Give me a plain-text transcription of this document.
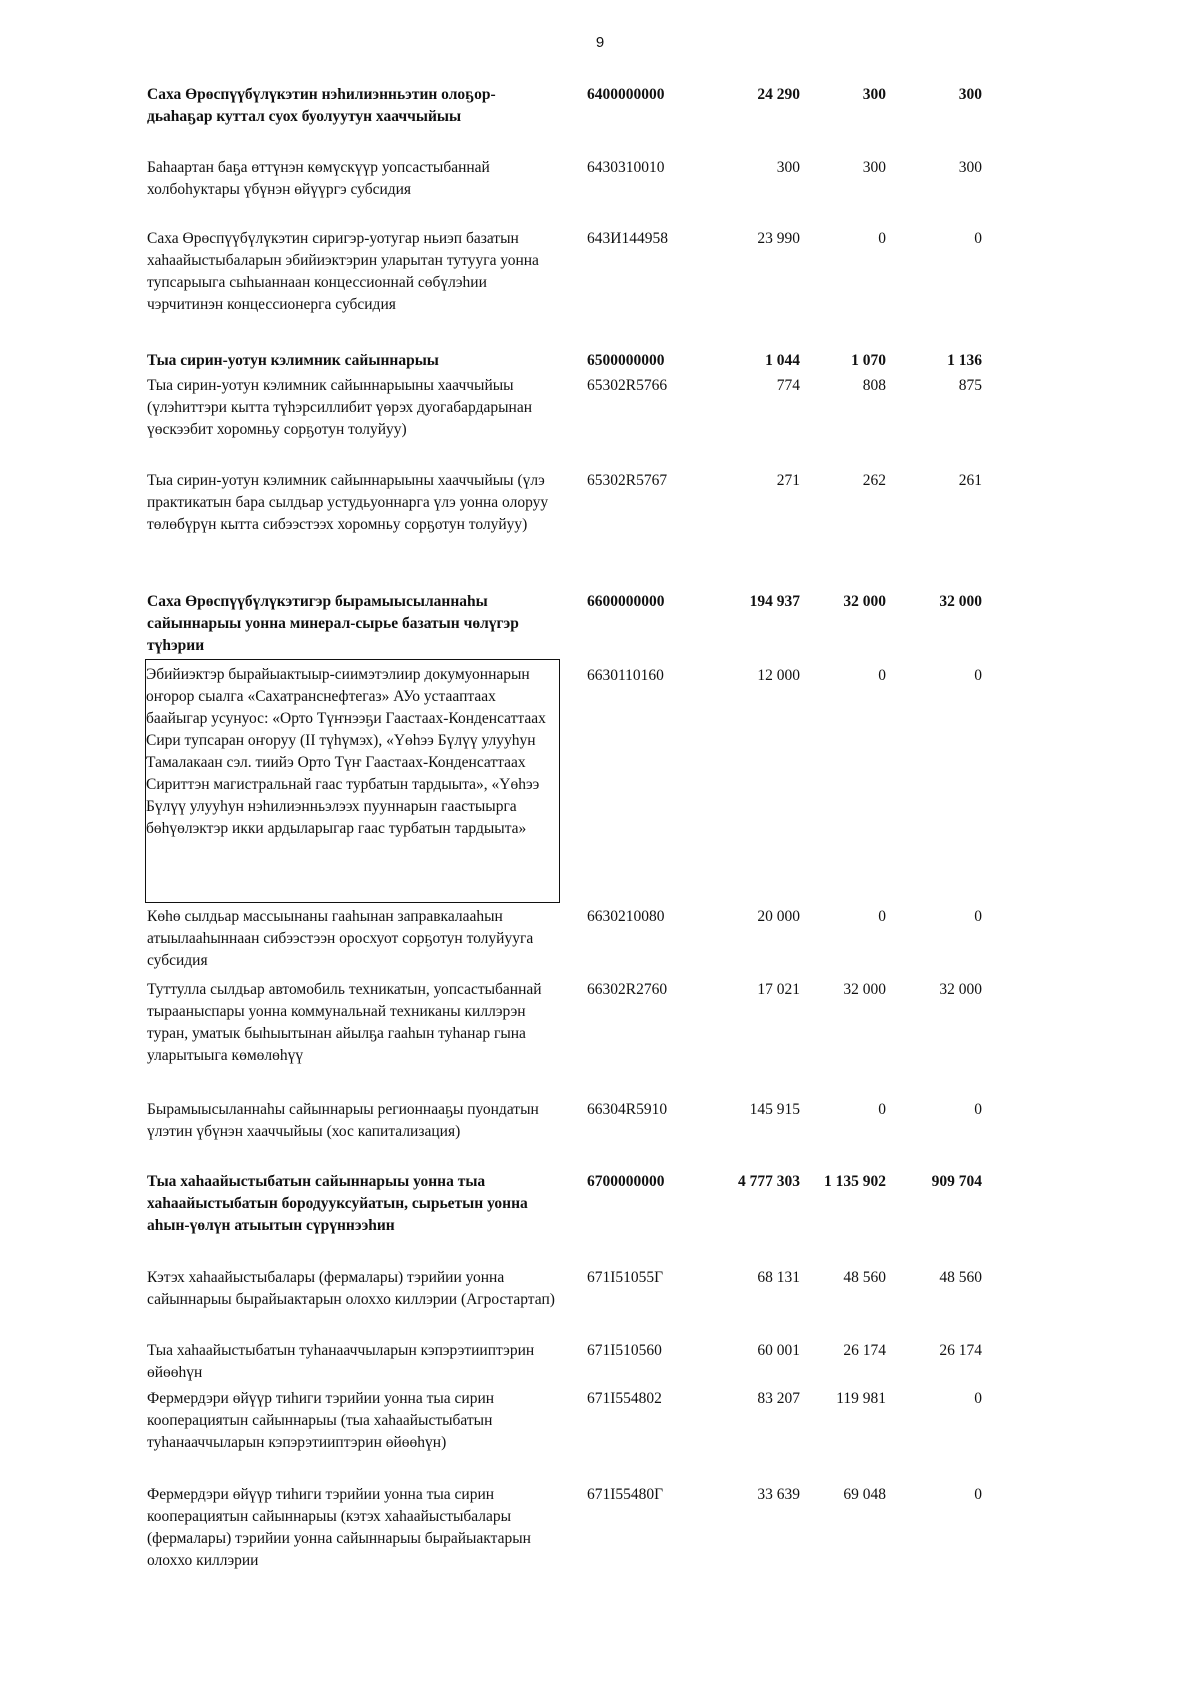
9
Саха Өрөспүүбүлүкэтин нэһилиэнньэтин олоҕор-дьаһаҕар куттал суох буолуутун хааччыйыы
6400000000	24 290	300	300
Баһаартан баҕа өттүнэн көмүскүүр уопсастыбаннай холбоһуктары үбүнэн өйүүргэ субсидия
6430310010	300	300	300
Саха Өрөспүүбүлүкэтин сиригэр-уотугар ньиэп базатын хаһаайыстыбаларын эбийиэктэрин уларытан тутууга уонна тупсарыыга сыһыаннаан концессионнай сөбүлэһии чэрчитинэн концессионерга субсидия
643И144958	23 990	0	0
Тыа сирин-уотун кэлимник сайыннарыы	6500000000	1 044	1 070	1 136
Тыа сирин-уотун кэлимник сайыннарыыны хааччыйыы (үлэһиттэри кытта түһэрсиллибит үөрэх дуогабардарынан үөскээбит хоромньу сорҕотун толуйуу)
65302R5766	774	808	875
Тыа сирин-уотун кэлимник сайыннарыыны хааччыйыы (үлэ практикатын бара сылдьар устудьуоннарга үлэ уонна олоруу төлөбүрүн кытта сибээстээх хоромньу сорҕотун толуйуу)
65302R5767	271	262	261
Саха Өрөспүүбүлүкэтигэр бырамыысыланнаһы сайыннарыы уонна минерал-сырье базатын чөлүгэр түһэрии
6600000000	194 937	32 000	32 000
Эбийиэктэр бырайыактыыр-сиимэтэлиир докумуоннарын оҥорор сыалга «Сахатранснефтегаз» АУо устааптаах баайыгар усунуос: «Орто Түҥнээҕи Гаастаах-Конденсаттаах Сири тупсаран оҥоруу (II түһүмэх), «Үөһээ Бүлүү улууһун Тамалакаан сэл. тиийэ Орто Түҥ Гаастаах-Конденсаттаах Сириттэн магистральнай гаас турбатын тардыыта», «Үөһээ Бүлүү улууһун нэһилиэнньэлээх пууннарын гаастыырга бөһүөлэктэр икки ардыларыгар гаас турбатын тардыыта»
6630110160	12 000	0	0
Көһө сылдьар массыынаны гааһынан заправкалааһын атыылааһыннаан сибээстээн оросхуот сорҕотун толуйууга субсидия
6630210080	20 000	0	0
Туттулла сылдьар автомобиль техникатын, уопсастыбаннай тырааныспары уонна коммунальнай техниканы киллэрэн туран, уматык быһыытынан айылҕа гааһын туһанар гына уларытыыга көмөлөһүү
66302R2760	17 021	32 000	32 000
Бырамыысыланнаһы сайыннарыы регионнааҕы пуондатын үлэтин үбүнэн хааччыйыы (хос капитализация)
66304R5910	145 915	0	0
Тыа хаһаайыстыбатын сайыннарыы уонна тыа хаһаайыстыбатын бородууксуйатын, сырьетын уонна аһын-үөлүн атыытын сүрүннээһин
6700000000	4 777 303	1 135 902	909 704
Кэтэх хаһаайыстыбалары (фермалары) тэрийии уонна сайыннарыы бырайыактарын олоххо киллэрии (Агростартап)
671I51055Г	68 131	48 560	48 560
Тыа хаһаайыстыбатын туһанааччыларын кэпэрэтииптэрин өйөөһүн
671I510560	60 001	26 174	26 174
Фермердэри өйүүр тиһиги тэрийии уонна тыа сирин кооперациятын сайыннарыы (тыа хаһаайыстыбатын туһанааччыларын кэпэрэтииптэрин өйөөһүн)
671I554802	83 207	119 981	0
Фермердэри өйүүр тиһиги тэрийии уонна тыа сирин кооперациятын сайыннарыы (кэтэх хаһаайыстыбалары (фермалары) тэрийии уонна сайыннарыы бырайыактарын олоххо киллэрии
671I55480Г	33 639	69 048	0
